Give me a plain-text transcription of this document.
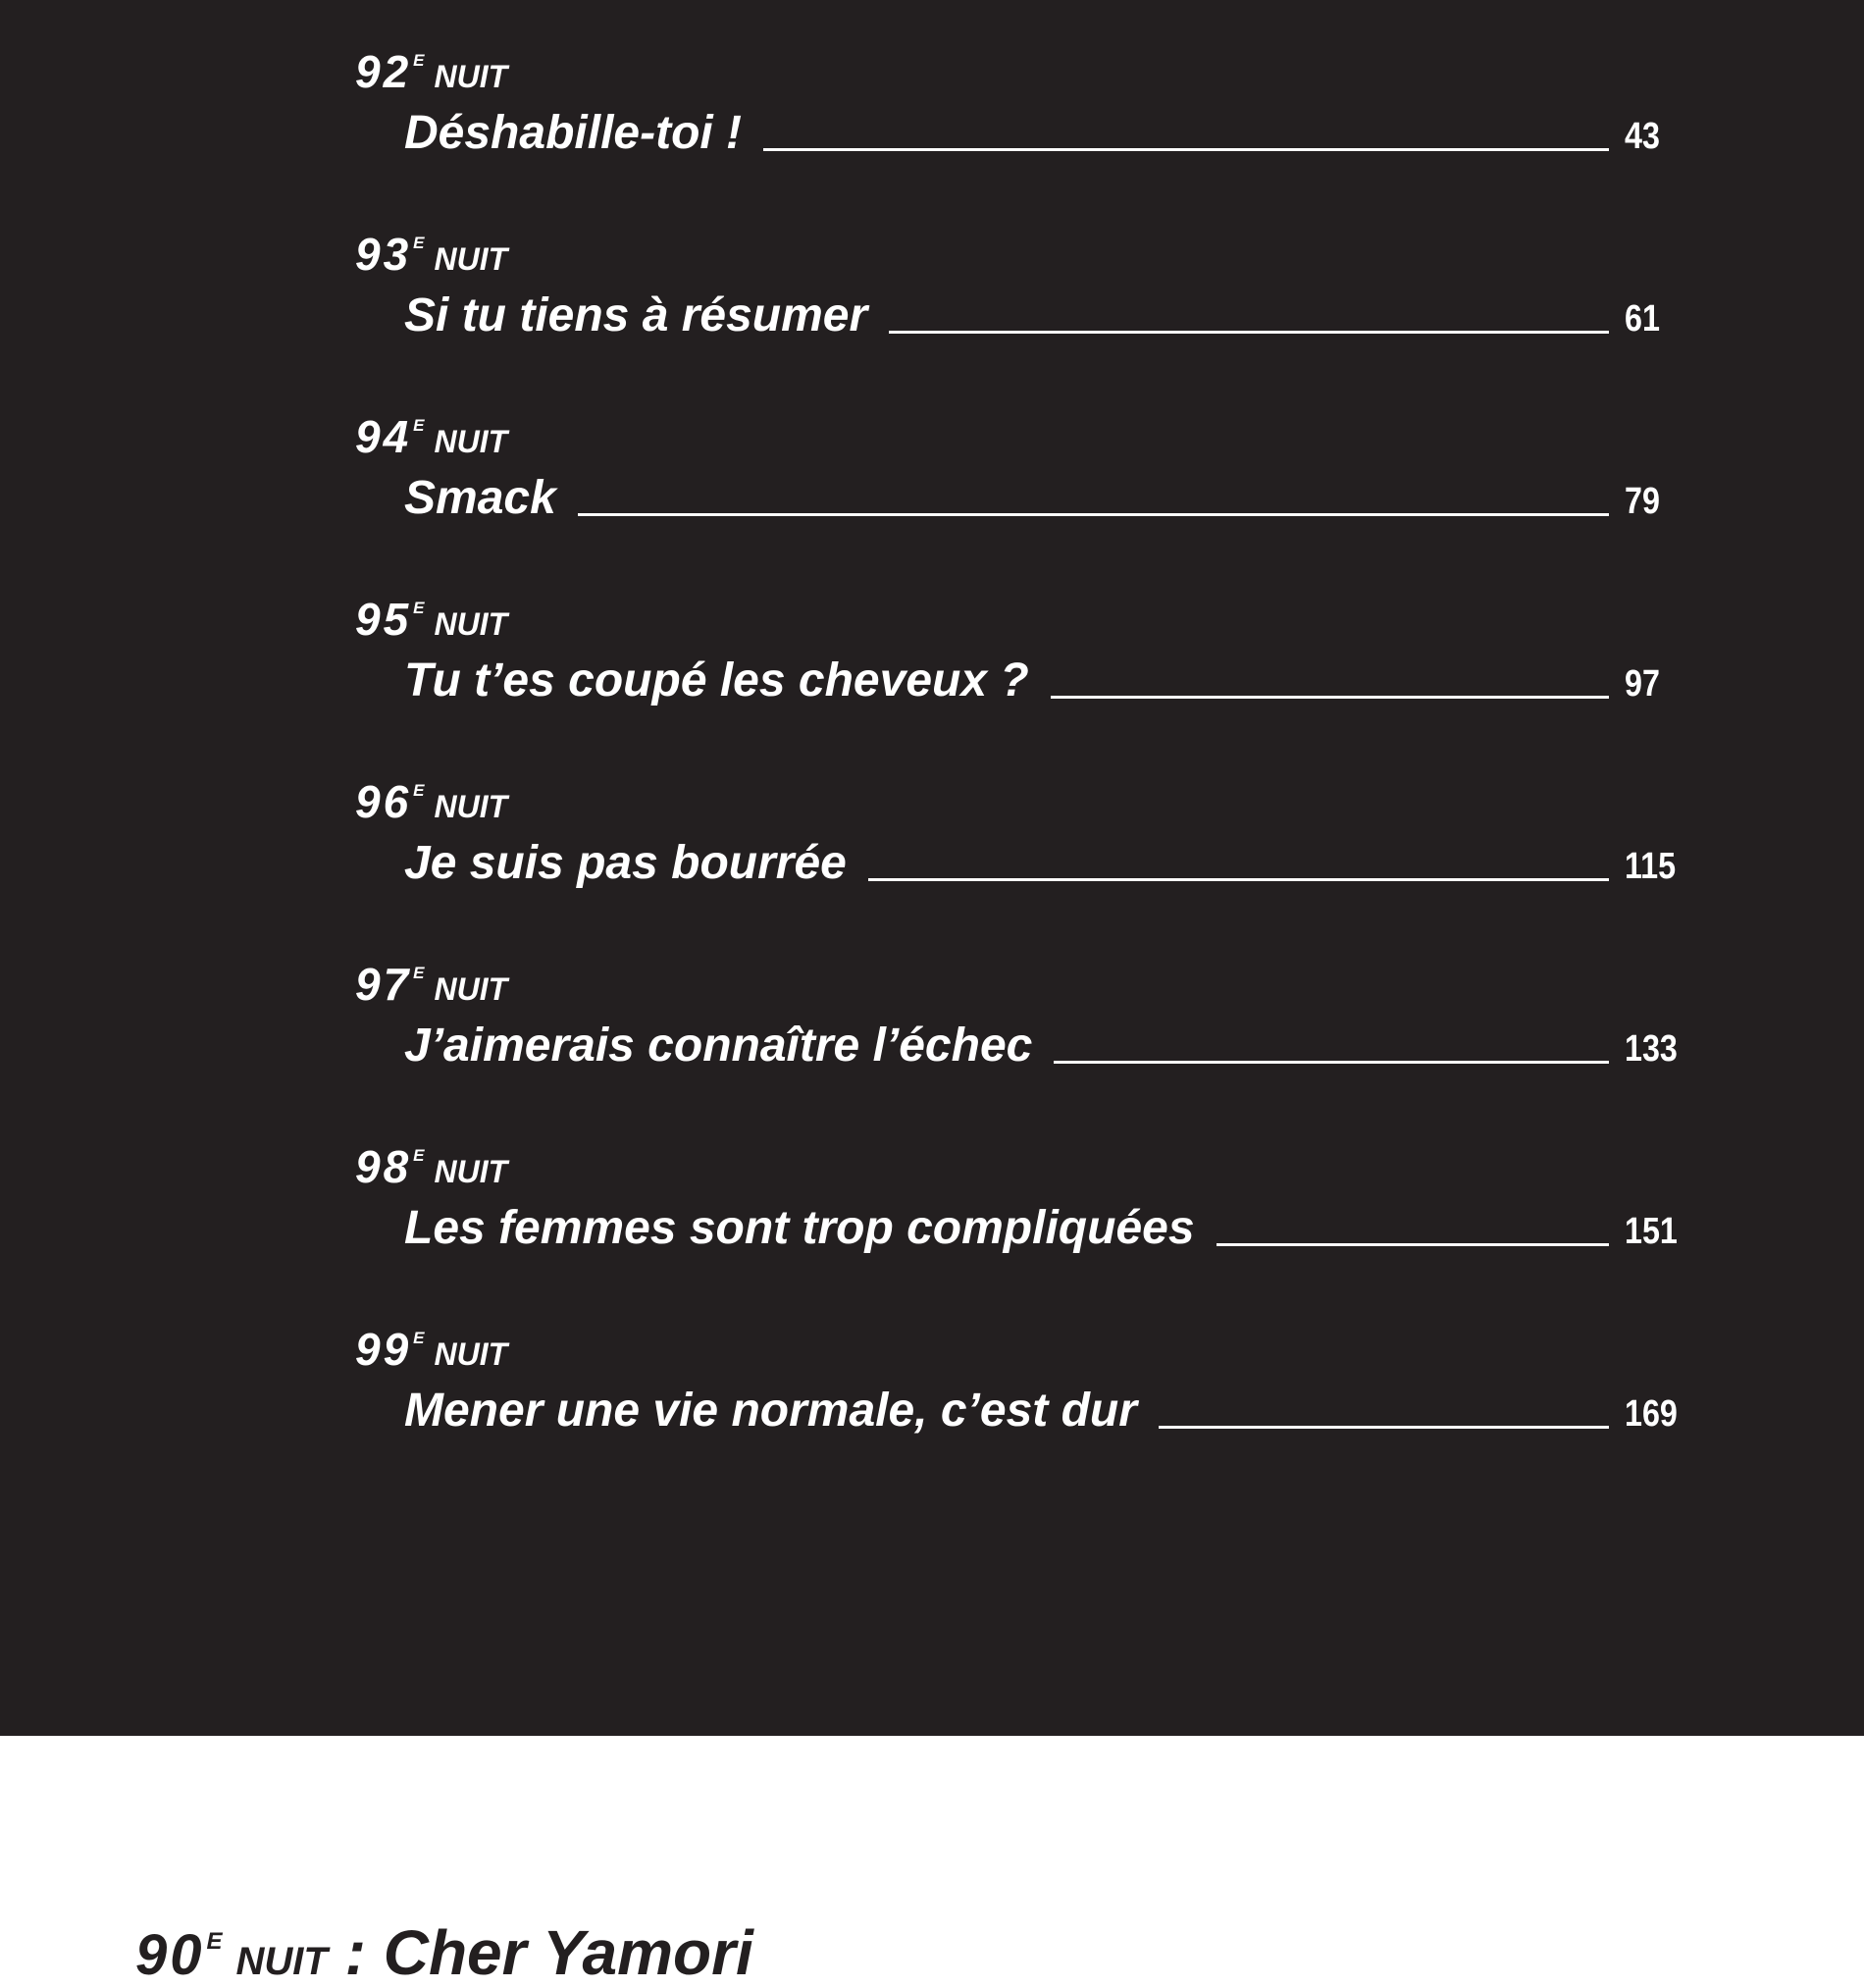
92 E NUIT
Déshabille-toi !	43
93 E NUIT
Si tu tiens à résumer	61
94 E NUIT
Smack	79
95 E NUIT
Tu t’es coupé les cheveux ?	97
96 E NUIT
Je suis pas bourrée	115
97 E NUIT
J’aimerais connaître l’échec	133
98 E NUIT
Les femmes sont trop compliquées	151
99 E NUIT
Mener une vie normale, c’est dur	169
90E NUIT : Cher Yamori
